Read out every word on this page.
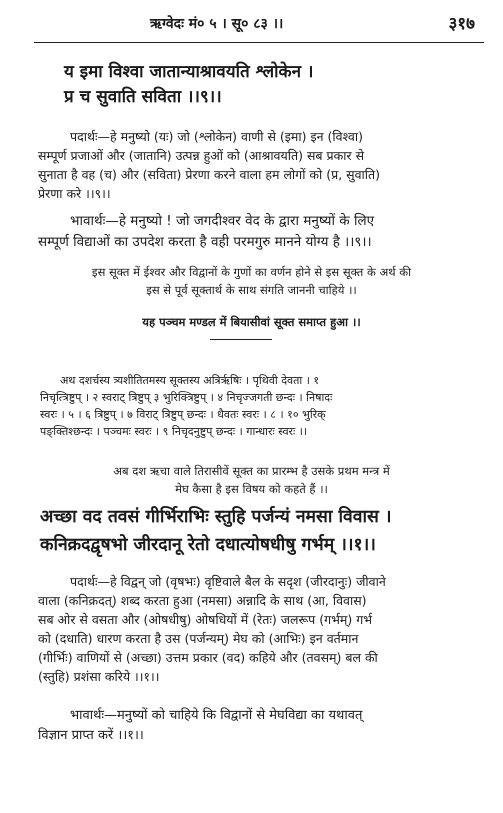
ऋग्वेदः मं० ५ । सू० ८३ ।।	३१७
य इमा विश्वा जातान्याश्रावयति श्लोकेन ।
प्र च सुवाति सविता ।।९।।
पदार्थः—हे मनुष्यो (यः) जो (श्लोकेन) वाणी से (इमा) इन (विश्वा)
सम्पूर्ण प्रजाओं और (जातानि) उत्पन्न हुओं को (आश्रावयति) सब प्रकार से
सुनाता है वह (च) और (सविता) प्रेरणा करने वाला हम लोगों को (प्र, सुवाति)
प्रेरणा करे ।।९।।
भावार्थः—हे मनुष्यो ! जो जगदीश्वर वेद के द्वारा मनुष्यों के लिए
सम्पूर्ण विद्याओं का उपदेश करता है वही परमगुरु मानने योग्य है ।।९।।
इस सूक्त में ईश्वर और विद्वानों के गुणों का वर्णन होने से इस सूक्त के अर्थ की
इस से पूर्व सूक्तार्थ के साथ संगति जाननी चाहिये ।।
यह पञ्चम मण्डल में बियासीवां सूक्त समाप्त हुआ ।।
अथ दशर्चस्य त्र्यशीतितमस्य सूक्तस्य अत्रिर्ऋषिः । पृथिवी देवता । १
निचृत्त्रिष्टुप् । २ स्वराट् त्रिष्टुप् ३ भुरिक्त्रिष्टुप् । ४ निचृज्जगती छन्दः । निषादः
स्वरः । ५ । ६ त्रिष्टुप् । ७ विराट् त्रिष्टुप् छन्दः । धैवतः स्वरः । ८ । १० भुरिक्
पङ्क्तिश्छन्दः । पञ्चमः स्वरः । ९ निचृदनुष्टुप् छन्दः । गान्धारः स्वरः ।।
अब दश ऋचा वाले तिरासीवें सूक्त का प्रारम्भ है उसके प्रथम मन्त्र में
मेघ कैसा है इस विषय को कहते हैं ।।
अच्छा वद तवसं गीर्भिराभिः स्तुहि पर्जन्यं नमसा विवास ।
कनिक्रदद्वृषभो जीरदानू रेतो दधात्योषधीषु गर्भम् ।।१।।
पदार्थः—हे विद्वन् जो (वृषभः) वृष्टिवाले बैल के सदृश (जीरदानुः) जीवाने
वाला (कनिक्रदत्) शब्द करता हुआ (नमसा) अन्नादि के साथ (आ, विवास)
सब ओर से वसता और (ओषधीषु) ओषधियों में (रेतः) जलरूप (गर्भम्) गर्भ
को (दधाति) धारण करता है उस (पर्जन्यम्) मेघ को (आभिः) इन वर्तमान
(गीर्भिः) वाणियों से (अच्छा) उत्तम प्रकार (वद) कहिये और (तवसम्) बल की
(स्तुहि) प्रशंसा करिये ।।१।।
भावार्थः—मनुष्यों को चाहिये कि विद्वानों से मेघविद्या का यथावत्
विज्ञान प्राप्त करें ।।१।।
